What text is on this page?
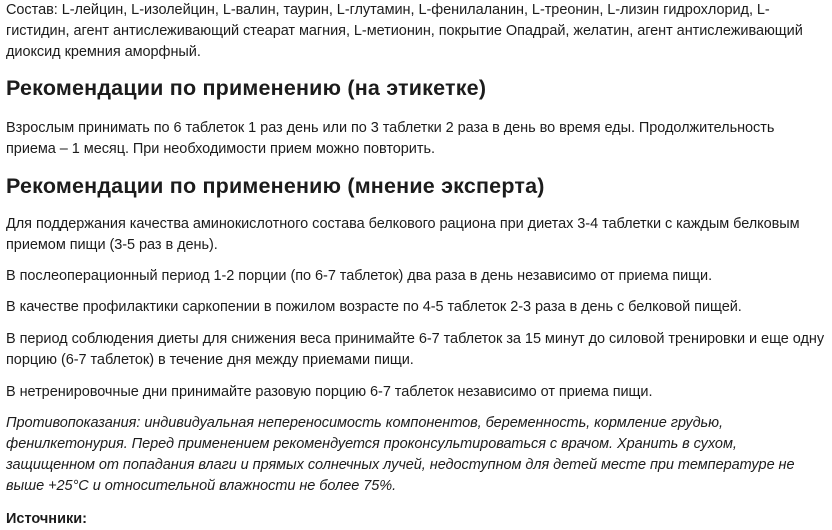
Состав: L-лейцин, L-изолейцин, L-валин, таурин, L-глутамин, L-фенилаланин, L-треонин, L-лизин гидрохлорид, L-гистидин, агент антислеживающий стеарат магния, L-метионин, покрытие Опадрай, желатин, агент антислеживающий диоксид кремния аморфный.

Рекомендации по применению (на этикетке)

Взрослым принимать по 6 таблеток 1 раз день или по 3 таблетки 2 раза в день во время еды. Продолжительность приема – 1 месяц. При необходимости прием можно повторить.

Рекомендации по применению (мнение эксперта)

Для поддержания качества аминокислотного состава белкового рациона при диетах 3-4 таблетки с каждым белковым приемом пищи (3-5 раз в день).

В послеоперационный период 1-2 порции (по 6-7 таблеток) два раза в день независимо от приема пищи.

В качестве профилактики саркопении в пожилом возрасте по 4-5 таблеток 2-3 раза в день с белковой пищей.

В период соблюдения диеты для снижения веса принимайте 6-7 таблеток за 15 минут до силовой тренировки и еще одну порцию (6-7 таблеток) в течение дня между приемами пищи.

В нетренировочные дни принимайте разовую порцию 6-7 таблеток независимо от приема пищи.

Противопоказания: индивидуальная непереносимость компонентов, беременность, кормление грудью, фенилкетонурия. Перед применением рекомендуется проконсультироваться с врачом. Хранить в сухом, защищенном от попадания влаги и прямых солнечных лучей, недоступном для детей месте при температуре не выше +25°С и относительной влажности не более 75%.

Источники:
